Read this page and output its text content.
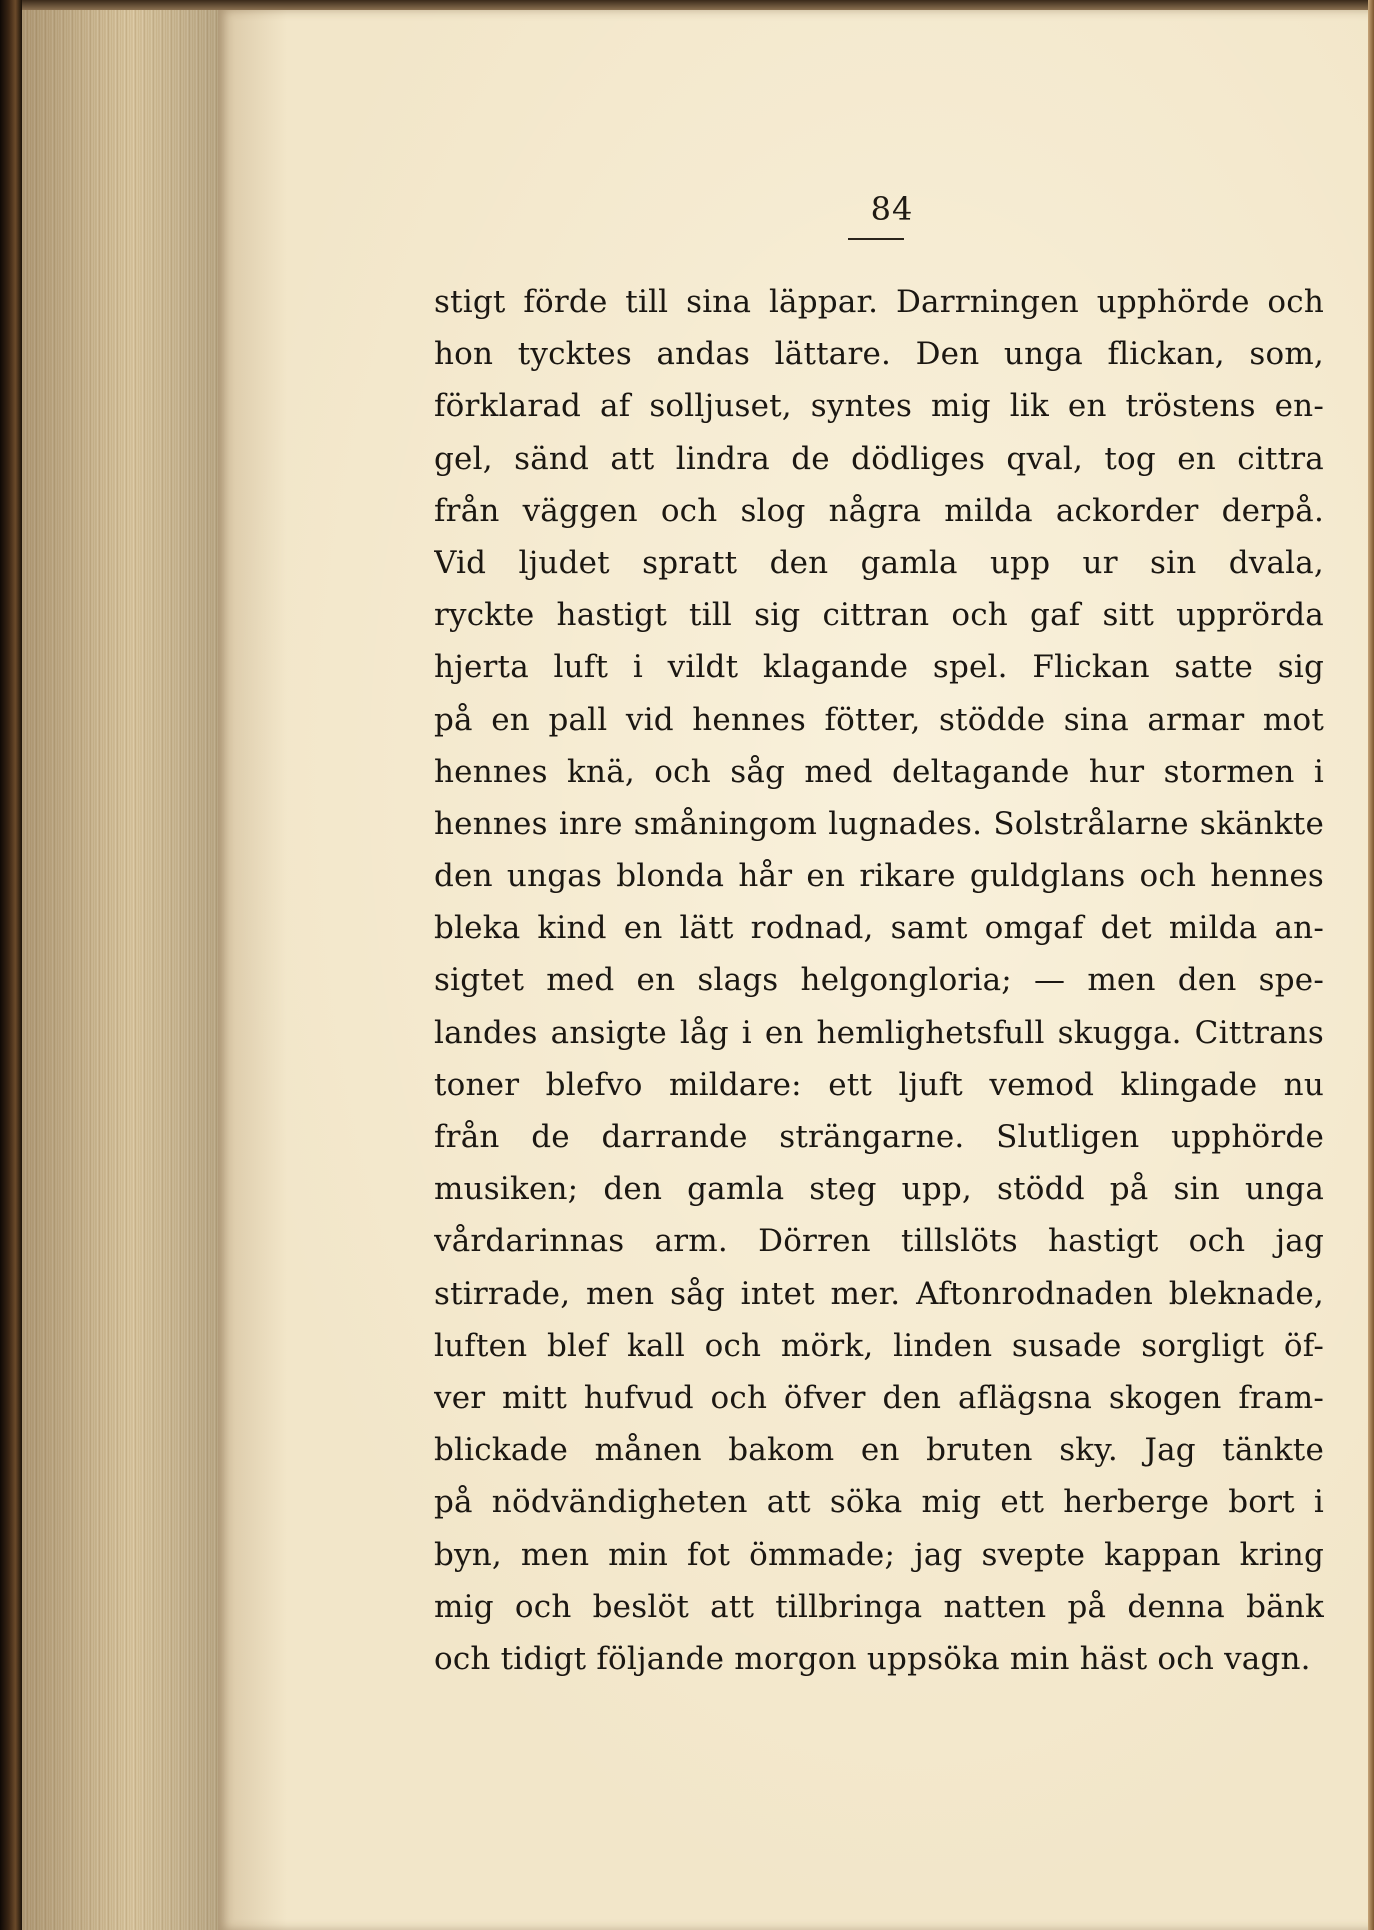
84
stigt förde till sina läppar. Darrningen upphörde och
hon tycktes andas lättare. Den unga flickan, som,
förklarad af solljuset, syntes mig lik en tröstens en-
gel, sänd att lindra de dödliges qval, tog en cittra
från väggen och slog några milda ackorder derpå.
Vid ljudet spratt den gamla upp ur sin dvala,
ryckte hastigt till sig cittran och gaf sitt upprörda
hjerta luft i vildt klagande spel. Flickan satte sig
på en pall vid hennes fötter, stödde sina armar mot
hennes knä, och såg med deltagande hur stormen i
hennes inre småningom lugnades. Solstrålarne skänkte
den ungas blonda hår en rikare guldglans och hennes
bleka kind en lätt rodnad, samt omgaf det milda an-
sigtet med en slags helgongloria; — men den spe-
landes ansigte låg i en hemlighetsfull skugga. Cittrans
toner blefvo mildare: ett ljuft vemod klingade nu
från de darrande strängarne. Slutligen upphörde
musiken; den gamla steg upp, stödd på sin unga
vårdarinnas arm. Dörren tillslöts hastigt och jag
stirrade, men såg intet mer. Aftonrodnaden bleknade,
luften blef kall och mörk, linden susade sorgligt öf-
ver mitt hufvud och öfver den aflägsna skogen fram-
blickade månen bakom en bruten sky. Jag tänkte
på nödvändigheten att söka mig ett herberge bort i
byn, men min fot ömmade; jag svepte kappan kring
mig och beslöt att tillbringa natten på denna bänk
och tidigt följande morgon uppsöka min häst och vagn.
